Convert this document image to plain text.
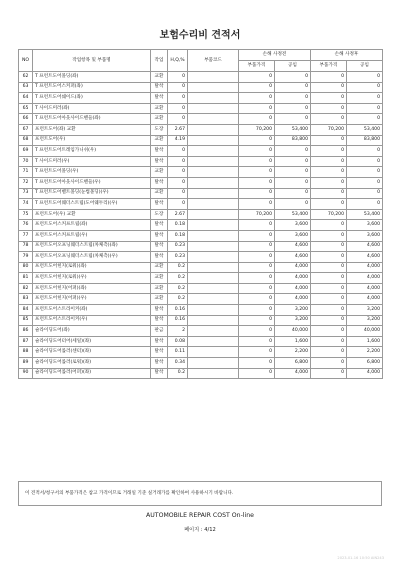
보험수리비 견적서
NO	작업항목 및 부품명	작업	H,Q,%	부품코드	손해 사정전		손해 사정후	
					부품가격	공임	부품가격	공임
62	T 프런트도어몰딩(좌)	교환	0		0	0	0	0
63	T 프런트도어스커퍼(좌)	탈착	0		0	0	0	0
64	T 프런트도어쉐이드(좌)	탈착	0		0	0	0	0
65	T 사이드미러(좌)	교환	0		0	0	0	0
66	T 프런트도어아웃사이드핸들(좌)	교환	0		0	0	0	0
67	프런트도어(좌) 교환	도장	2.67		70,200	53,400	70,200	53,400
68	프런트도어(우)	교환	4.19		0	83,800	0	83,800
69	T 프런트도어트레임가니쉬(우)	탈착	0		0	0	0	0
70	T 사이드미러(우)	탈착	0		0	0	0	0
71	T 프런트도어몰딩(우)	교환	0		0	0	0	0
72	T 프런트도어아웃사이드핸들(우)	탈착	0		0	0	0	0
73	T 프런트도어벨트몰딩(눈썹몰딩)(우)	교환	0		0	0	0	0
74	T 프런트도어웨더스트립(도어웨두리)(우)	탈착	0		0	0	0	0
75	프런트도어(우) 교환	도장	2.67		70,200	53,400	70,200	53,400
76	프런트도어스커프트립(좌)	탈착	0.18		0	3,600	0	3,600
77	프런트도어스커프트립(우)	탈착	0.18		0	3,600	0	3,600
78	프런트도어오프닝웨더스트립(차체측)(좌)	탈착	0.23		0	4,600	0	4,600
79	프런트도어오프닝웨더스트립(차체측)(우)	탈착	0.23		0	4,600	0	4,600
80	프런트도어힌지(로워)(좌)	교환	0.2		0	4,000	0	4,000
81	프런트도어힌지(로워)(우)	교환	0.2		0	4,000	0	4,000
82	프런트도어힌지(어퍼)(좌)	교환	0.2		0	4,000	0	4,000
83	프런트도어힌지(어퍼)(우)	교환	0.2		0	4,000	0	4,000
84	프런트도어스트라이커(좌)	탈착	0.16		0	3,200	0	3,200
85	프런트도어스트라이커(우)	탈착	0.16		0	3,200	0	3,200
86	슬라이딩도어(좌)	판금	2		0	40,000	0	40,000
87	슬라이딩도어터어(세일)(좌)	탈착	0.08		0	1,600	0	1,600
88	슬라이딩도어롤러(센터)(좌)	탈착	0.11		0	2,200	0	2,200
89	슬라이딩도어롤러(로워)(좌)	탈착	0.34		0	6,800	0	6,800
90	슬라이딩도어롤러(어퍼)(좌)	탈착	0.2		0	4,000	0	4,000
이 견적서/청구서의 부품가격은 참고 가격이므로 거래일 기준 실거래가를 확인하여 사용하시기 바랍니다.
AUTOMOBILE REPAIR COST On-line
페이지 : 4/12
2023-01-16 10:50 AIN243
